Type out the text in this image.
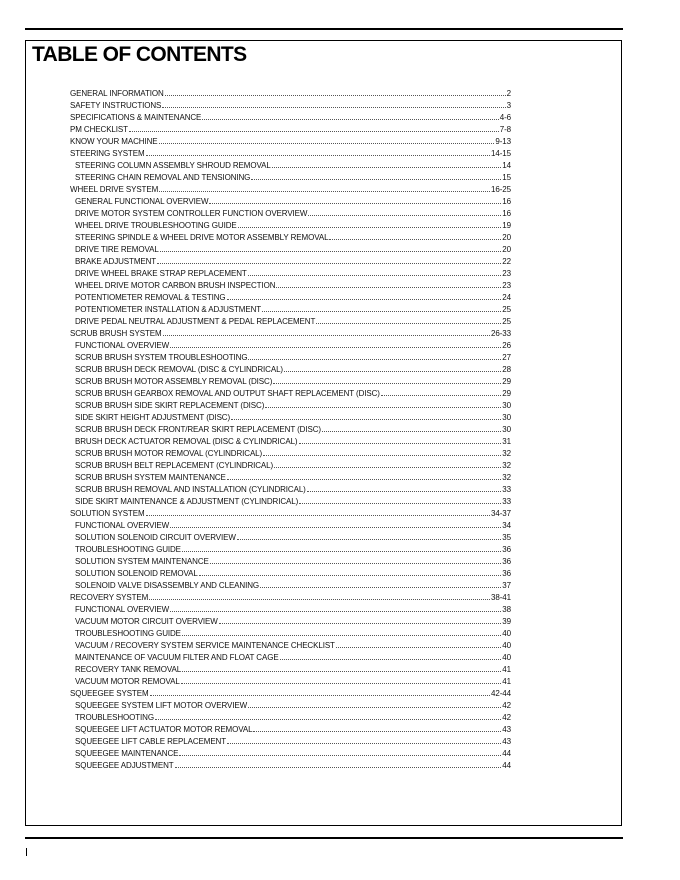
TABLE OF CONTENTS
GENERAL INFORMATION	2
SAFETY INSTRUCTIONS	3
SPECIFICATIONS & MAINTENANCE	4-6
PM CHECKLIST	7-8
KNOW YOUR MACHINE	9-13
STEERING SYSTEM	14-15
STEERING COLUMN ASSEMBLY SHROUD REMOVAL	14
STEERING CHAIN REMOVAL AND TENSIONING	15
WHEEL DRIVE SYSTEM	16-25
GENERAL FUNCTIONAL OVERVIEW	16
DRIVE MOTOR SYSTEM CONTROLLER FUNCTION OVERVIEW	16
WHEEL DRIVE TROUBLESHOOTING GUIDE	19
STEERING SPINDLE & WHEEL DRIVE MOTOR ASSEMBLY REMOVAL	20
DRIVE TIRE REMOVAL	20
BRAKE ADJUSTMENT	22
DRIVE WHEEL BRAKE STRAP REPLACEMENT	23
WHEEL DRIVE MOTOR CARBON BRUSH INSPECTION	23
POTENTIOMETER REMOVAL & TESTING	24
POTENTIOMETER INSTALLATION & ADJUSTMENT	25
DRIVE PEDAL NEUTRAL ADJUSTMENT & PEDAL REPLACEMENT	25
SCRUB BRUSH SYSTEM	26-33
FUNCTIONAL OVERVIEW	26
SCRUB BRUSH SYSTEM TROUBLESHOOTING	27
SCRUB BRUSH DECK REMOVAL (DISC & CYLINDRICAL)	28
SCRUB BRUSH MOTOR ASSEMBLY REMOVAL (DISC)	29
SCRUB BRUSH GEARBOX REMOVAL AND OUTPUT SHAFT REPLACEMENT (DISC)	29
SCRUB BRUSH SIDE SKIRT REPLACEMENT (DISC)	30
SIDE SKIRT HEIGHT ADJUSTMENT (DISC)	30
SCRUB BRUSH DECK FRONT/REAR SKIRT REPLACEMENT (DISC)	30
BRUSH DECK ACTUATOR REMOVAL (DISC & CYLINDRICAL)	31
SCRUB BRUSH MOTOR REMOVAL (CYLINDRICAL)	32
SCRUB BRUSH BELT REPLACEMENT (CYLINDRICAL)	32
SCRUB BRUSH SYSTEM MAINTENANCE	32
SCRUB BRUSH REMOVAL AND INSTALLATION (CYLINDRICAL)	33
SIDE SKIRT MAINTENANCE & ADJUSTMENT (CYLINDRICAL)	33
SOLUTION SYSTEM	34-37
FUNCTIONAL OVERVIEW	34
SOLUTION SOLENOID CIRCUIT OVERVIEW	35
TROUBLESHOOTING GUIDE	36
SOLUTION SYSTEM MAINTENANCE	36
SOLUTION SOLENOID REMOVAL	36
SOLENOID VALVE DISASSEMBLY AND CLEANING	37
RECOVERY SYSTEM	38-41
FUNCTIONAL OVERVIEW	38
VACUUM MOTOR CIRCUIT OVERVIEW	39
TROUBLESHOOTING GUIDE	40
VACUUM / RECOVERY SYSTEM SERVICE MAINTENANCE CHECKLIST	40
MAINTENANCE OF VACUUM FILTER AND FLOAT CAGE	40
RECOVERY TANK REMOVAL	41
VACUUM MOTOR REMOVAL	41
SQUEEGEE SYSTEM	42-44
SQUEEGEE SYSTEM LIFT MOTOR OVERVIEW	42
TROUBLESHOOTING	42
SQUEEGEE LIFT ACTUATOR MOTOR REMOVAL	43
SQUEEGEE LIFT CABLE REPLACEMENT	43
SQUEEGEE MAINTENANCE	44
SQUEEGEE ADJUSTMENT	44
